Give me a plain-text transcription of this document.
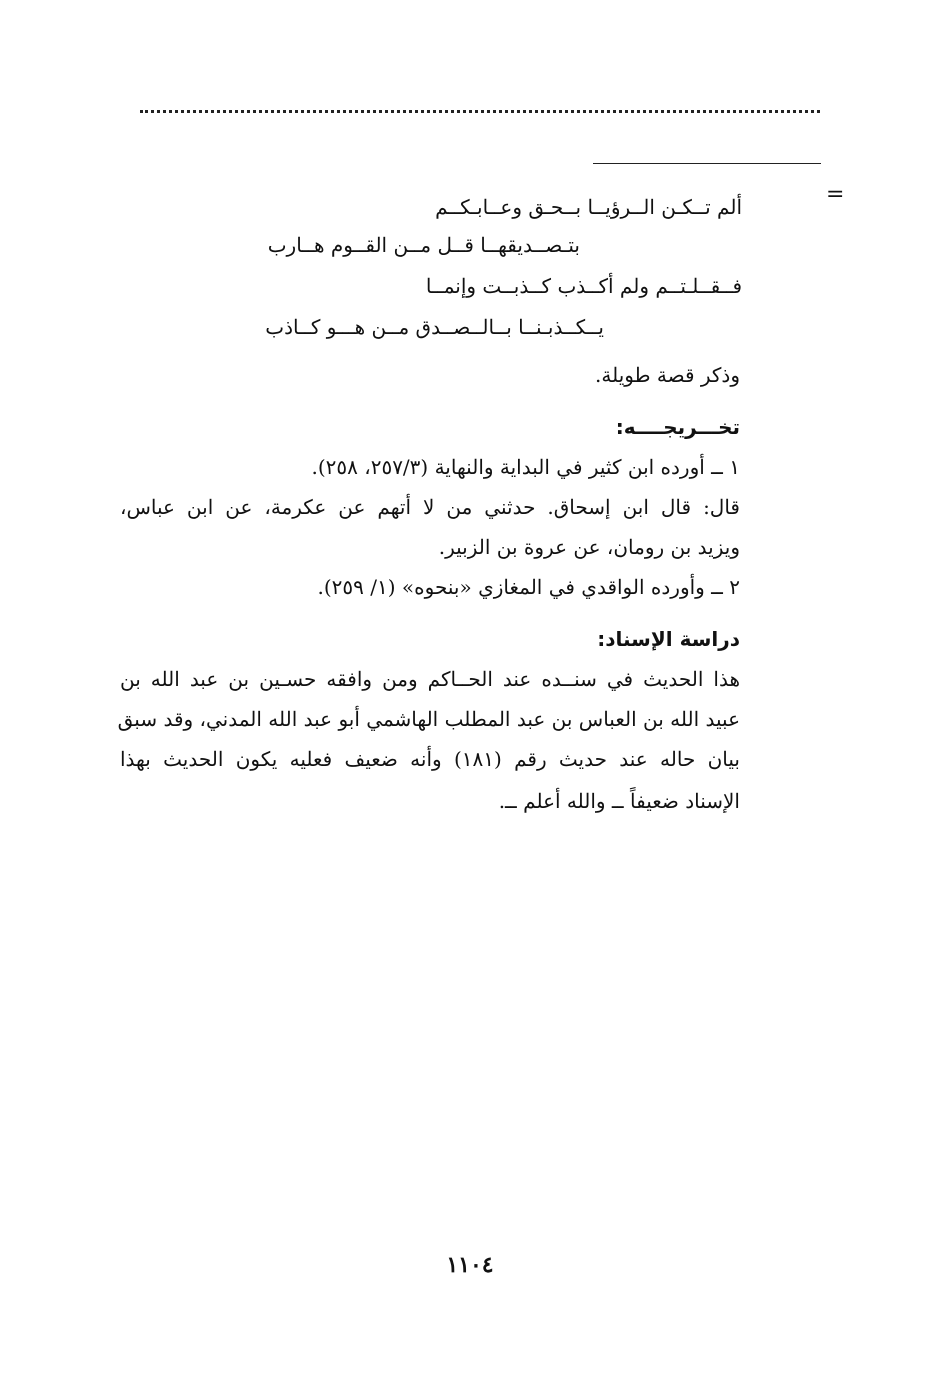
=
ألم تــكـن الــرؤيــا بــحـق وعــابـكــم
بتـصــديقهــا قــل مــن القــوم هــارب
فــقــلـتــم ولم أكــذب كــذبــت وإنمــا
يــكــذبـنــا بــالــصــدق مــن هـــو كــاذب
وذكر قصة طويلة.
تخـــريجــــه:
١ ــ أورده ابن كثير في البداية والنهاية (٢٥٧/٣، ٢٥٨).
قال: قال ابن إسحاق. حدثني من لا أتهم عن عكرمة، عن ابن عباس،
ويزيد بن رومان، عن عروة بن الزبير.
٢ ــ وأورده الواقدي في المغازي «بنحوه» (١/ ٢٥٩).
دراسة الإسناد:
هذا الحديث في سنــده عند الحــاكم ومن وافقه حسـين بن عبد الله بن
عبيد الله بن العباس بن عبد المطلب الهاشمي أبو عبد الله المدني، وقد سبق
بيان حاله عند حديث رقم (١٨١) وأنه ضعيف فعليه يكون الحديث بهذا
الإسناد ضعيفاً ــ والله أعلم ــ.
١١٠٤
